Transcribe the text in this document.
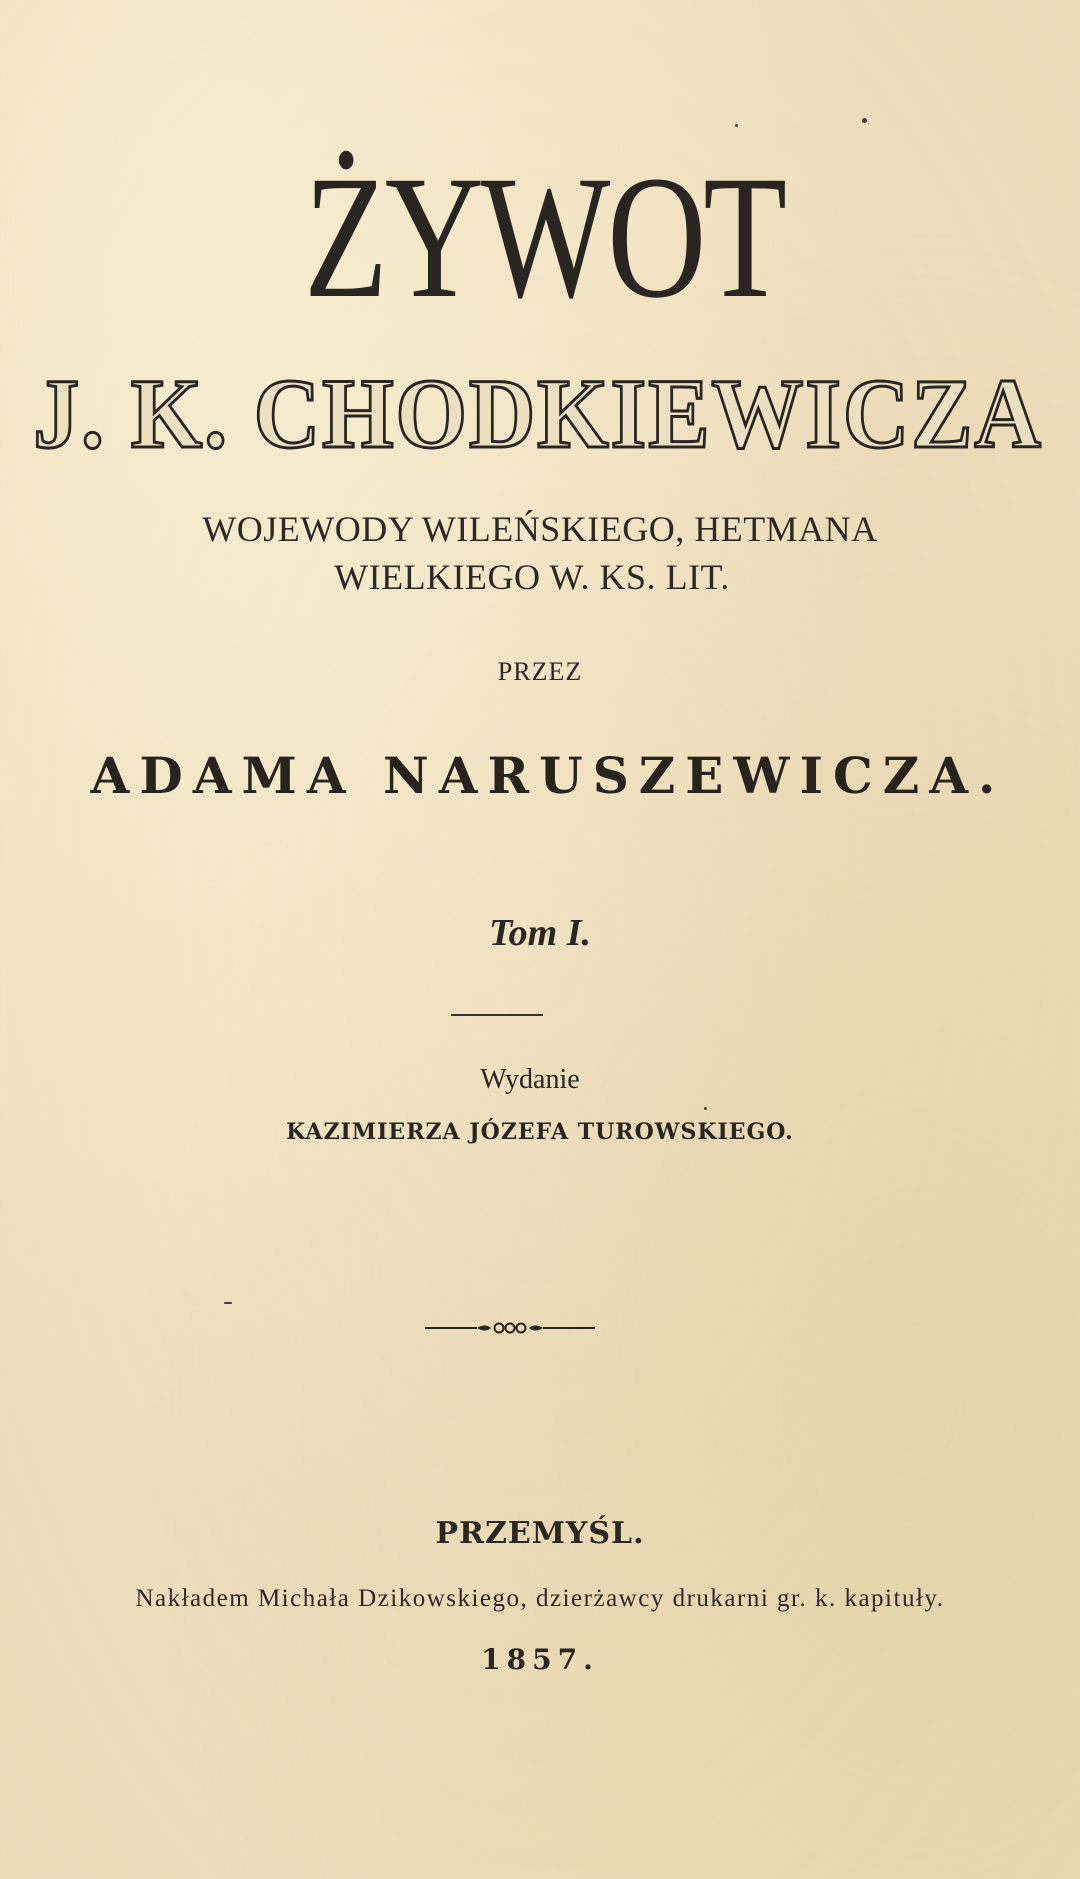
ŻYWOT
J. K. CHODKIEWICZA
WOJEWODY WILEŃSKIEGO, HETMANA
WIELKIEGO W. KS. LIT.
PRZEZ
ADAMA NARUSZEWICZA.
Tom I.
Wydanie
KAZIMIERZA JÓZEFA TUROWSKIEGO.
PRZEMYŚL.
Nakładem Michała Dzikowskiego, dzierżawcy drukarni gr. k. kapituły.
1857.
